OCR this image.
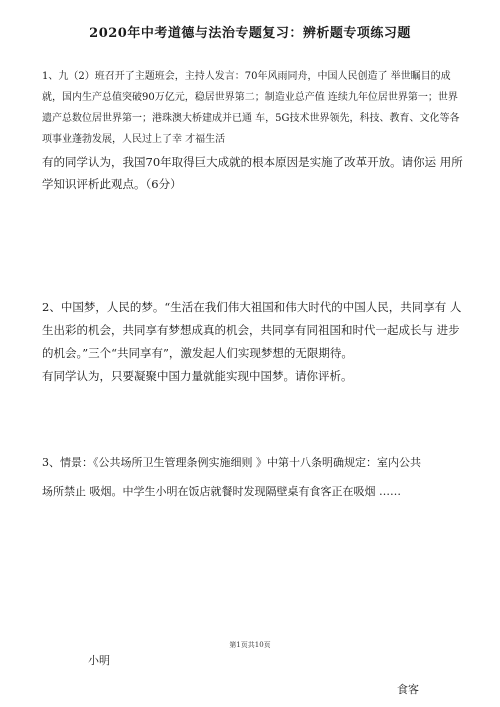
2020年中考道德与法治专题复习：辨析题专项练习题
1、九（2）班召开了主题班会，主持人发言：70年风雨同舟，中国人民创造了 举世瞩目的成
就，国内生产总值突破90万亿元，稳居世界第二；制造业总产值 连续九年位居世界第一；世界
遗产总数位居世界第一；港珠澳大桥建成并已通 车，5G技术世界领先，科技、教育、文化等各
项事业蓬勃发展，人民过上了幸 才福生活
有的同学认为，我国70年取得巨大成就的根本原因是实施了改革开放。请你运 用所
学知识评析此观点。（6分）
2、中国梦，人民的梦。“生活在我们伟大祖国和伟大时代的中国人民，共同享有 人
生出彩的机会，共同享有梦想成真的机会，共同享有同祖国和时代一起成长与 进步
的机会。”三个“共同享有”，激发起人们实现梦想的无限期待。
有同学认为，只要凝聚中国力量就能实现中国梦。请你评析。
3、情景：《公共场所卫生管理条例实施细则 》中第十八条明确规定：室内公共
场所禁止 吸烟。中学生小明在饭店就餐时发现隔壁桌有食客正在吸烟 ……
第1页共10页
小明
食客
